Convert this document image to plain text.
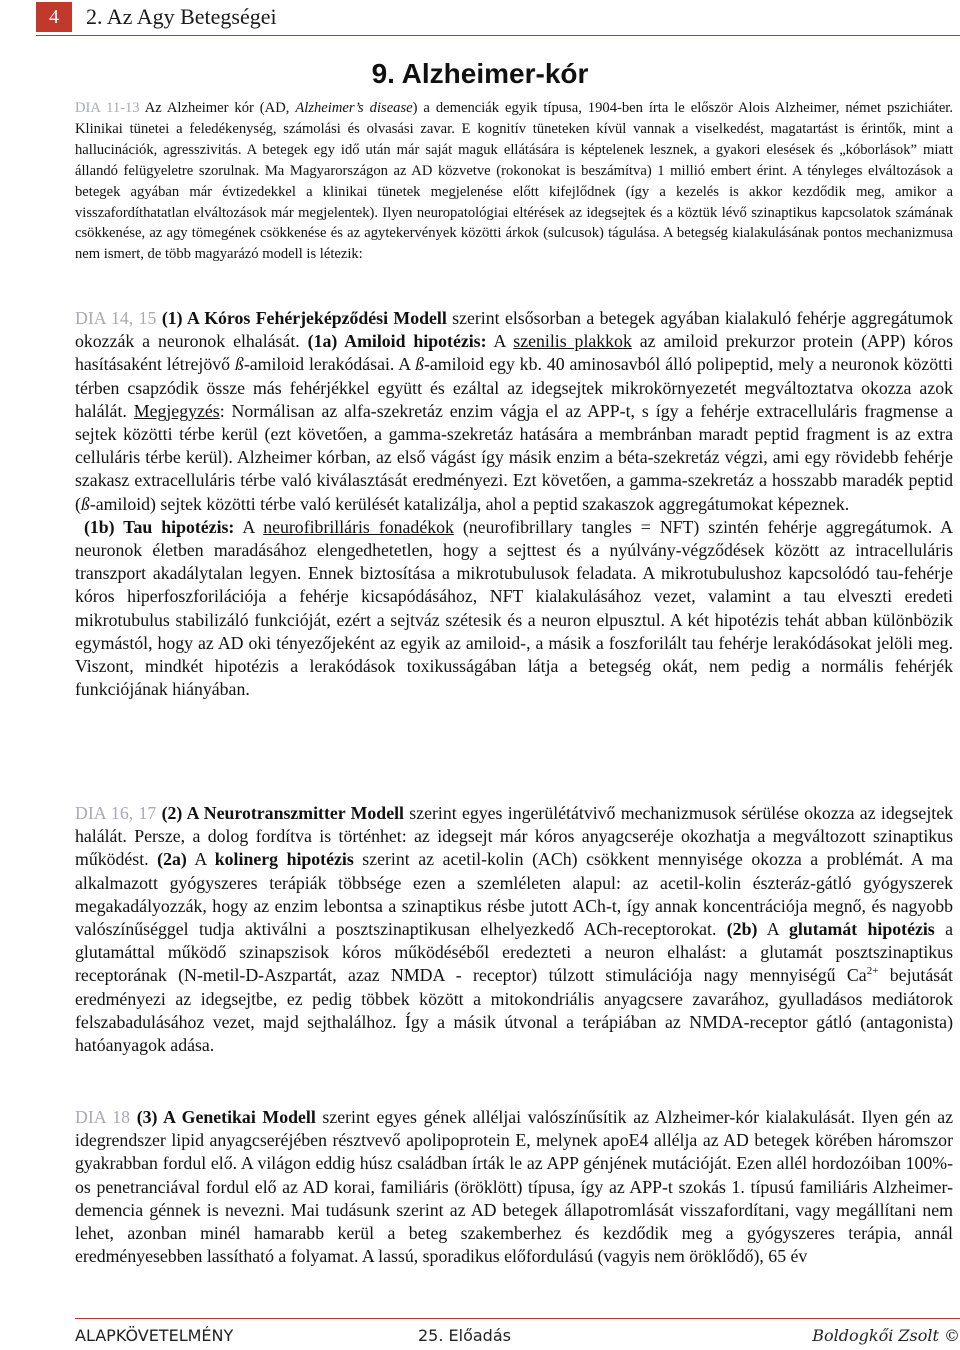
4	2. Az Agy Betegségei
9. Alzheimer-kór
DIA 11-13 Az Alzheimer kór (AD, Alzheimer’s disease) a demenciák egyik típusa, 1904-ben írta le először Alois Alzheimer, német pszichiáter. Klinikai tünetei a feledékenység, számolási és olvasási zavar. E kognitív tüneteken kívül vannak a viselkedést, magatartást is érintők, mint a hallucinációk, agresszivitás. A betegek egy idő után már saját maguk ellátására is képtelenek lesznek, a gyakori elesések és „kóborlások” miatt állandó felügyeletre szorulnak. Ma Magyarországon az AD közvetve (rokonokat is beszámítva) 1 millió embert érint. A tényleges elváltozások a betegek agyában már évtizedekkel a klinikai tünetek megjelenése előtt kifejlődnek (így a kezelés is akkor kezdődik meg, amikor a visszafordíthatatlan elváltozások már megjelentek). Ilyen neuropatológiai eltérések az idegsejtek és a köztük lévő szinaptikus kapcsolatok számának csökkenése, az agy tömegének csökkenése és az agytekervények közötti árkok (sulcusok) tágulása. A betegség kialakulásának pontos mechanizmusa nem ismert, de több magyarázó modell is létezik:
DIA 14, 15 (1) A Kóros Fehérjeképződési Modell szerint elsősorban a betegek agyában kialakuló fehérje aggregátumok okozzák a neuronok elhalását. (1a) Amiloid hipotézis: A szenilis plakkok az amiloid prekurzor protein (APP) kóros hasításaként létrejövő ß-amiloid lerakódásai. A ß-amiloid egy kb. 40 aminosavból álló polipeptid, mely a neuronok közötti térben csapzódik össze más fehérjékkel együtt és ezáltal az idegsejtek mikrokörnyezetét megváltoztatva okozza azok halálát. Megjegyzés: Normálisan az alfa-szekretáz enzim vágja el az APP-t, s így a fehérje extracelluláris fragmense a sejtek közötti térbe kerül (ezt követően, a gamma-szekretáz hatására a membránban maradt peptid fragment is az extra celluláris térbe kerül). Alzheimer kórban, az első vágást így másik enzim a béta-szekretáz végzi, ami egy rövidebb fehérje szakasz extracelluláris térbe való kiválasztását eredményezi. Ezt követően, a gamma-szekretáz a hosszabb maradék peptid (ß-amiloid) sejtek közötti térbe való kerülését katalizálja, ahol a peptid szakaszok aggregátumokat képeznek.
(1b) Tau hipotézis: A neurofibrilláris fonadékok (neurofibrillary tangles = NFT) szintén fehérje aggregátumok. A neuronok életben maradásához elengedhetetlen, hogy a sejttest és a nyúlvány-végződések között az intracelluláris transzport akadálytalan legyen. Ennek biztosítása a mikrotubulusok feladata. A mikrotubulushoz kapcsolódó tau-fehérje kóros hiperfoszforilációja a fehérje kicsapódásához, NFT kialakulásához vezet, valamint a tau elveszti eredeti mikrotubulus stabilizáló funkcióját, ezért a sejtváz szétesik és a neuron elpusztul. A két hipotézis tehát abban különbözik egymástól, hogy az AD oki tényezőjeként az egyik az amiloid-, a másik a foszforilált tau fehérje lerakódásokat jelöli meg. Viszont, mindkét hipotézis a lerakódások toxikusságában látja a betegség okát, nem pedig a normális fehérjék funkciójának hiányában.
DIA 16, 17 (2) A Neurotranszmitter Modell szerint egyes ingerülétátvivő mechanizmusok sérülése okozza az idegsejtek halálát. Persze, a dolog fordítva is történhet: az idegsejt már kóros anyagcseréje okozhatja a megváltozott szinaptikus működést. (2a) A kolinerg hipotézis szerint az acetil-kolin (ACh) csökkent mennyisége okozza a problémát. A ma alkalmazott gyógyszeres terápiák többsége ezen a szemléleten alapul: az acetil-kolin észteráz-gátló gyógyszerek megakadályozzák, hogy az enzim lebontsa a szinaptikus résbe jutott ACh-t, így annak koncentrációja megnő, és nagyobb valószínűséggel tudja aktiválni a posztszinaptikusan elhelyezkedő ACh-receptorokat. (2b) A glutamát hipotézis a glutamáttal működő szinapszisok kóros működéséből eredezteti a neuron elhalást: a glutamát posztszinaptikus receptorának (N-metil-D-Aszpartát, azaz NMDA - receptor) túlzott stimulációja nagy mennyiségű $Ca^{2+}$ bejutását eredményezi az idegsejtbe, ez pedig többek között a mitokondriális anyagcsere zavarához, gyulladásos mediátorok felszabadulásához vezet, majd sejthalálhoz. Így a másik útvonal a terápiában az NMDA-receptor gátló (antagonista) hatóanyagok adása.
DIA 18 (3) A Genetikai Modell szerint egyes gének alléljai valószínűsítik az Alzheimer-kór kialakulását. Ilyen gén az idegrendszer lipid anyagcseréjében résztvevő apolipoprotein E, melynek apoE4 allélja az AD betegek körében háromszor gyakrabban fordul elő. A világon eddig húsz családban írták le az APP génjének mutációját. Ezen allél hordozóiban 100%-os penetranciával fordul elő az AD korai, familiáris (öröklött) típusa, így az APP-t szokás 1. típusú familiáris Alzheimer-demencia génnek is nevezni. Mai tudásunk szerint az AD betegek állapotromlását visszafordítani, vagy megállítani nem lehet, azonban minél hamarabb kerül a beteg szakemberhez és kezdődik meg a gyógyszeres terápia, annál eredményesebben lassítható a folyamat. A lassú, sporadikus előfordulású (vagyis nem öröklődő), 65 év
ALAPKÖVETELMÉNY	25. Előadás	Boldogkői Zsolt ©
